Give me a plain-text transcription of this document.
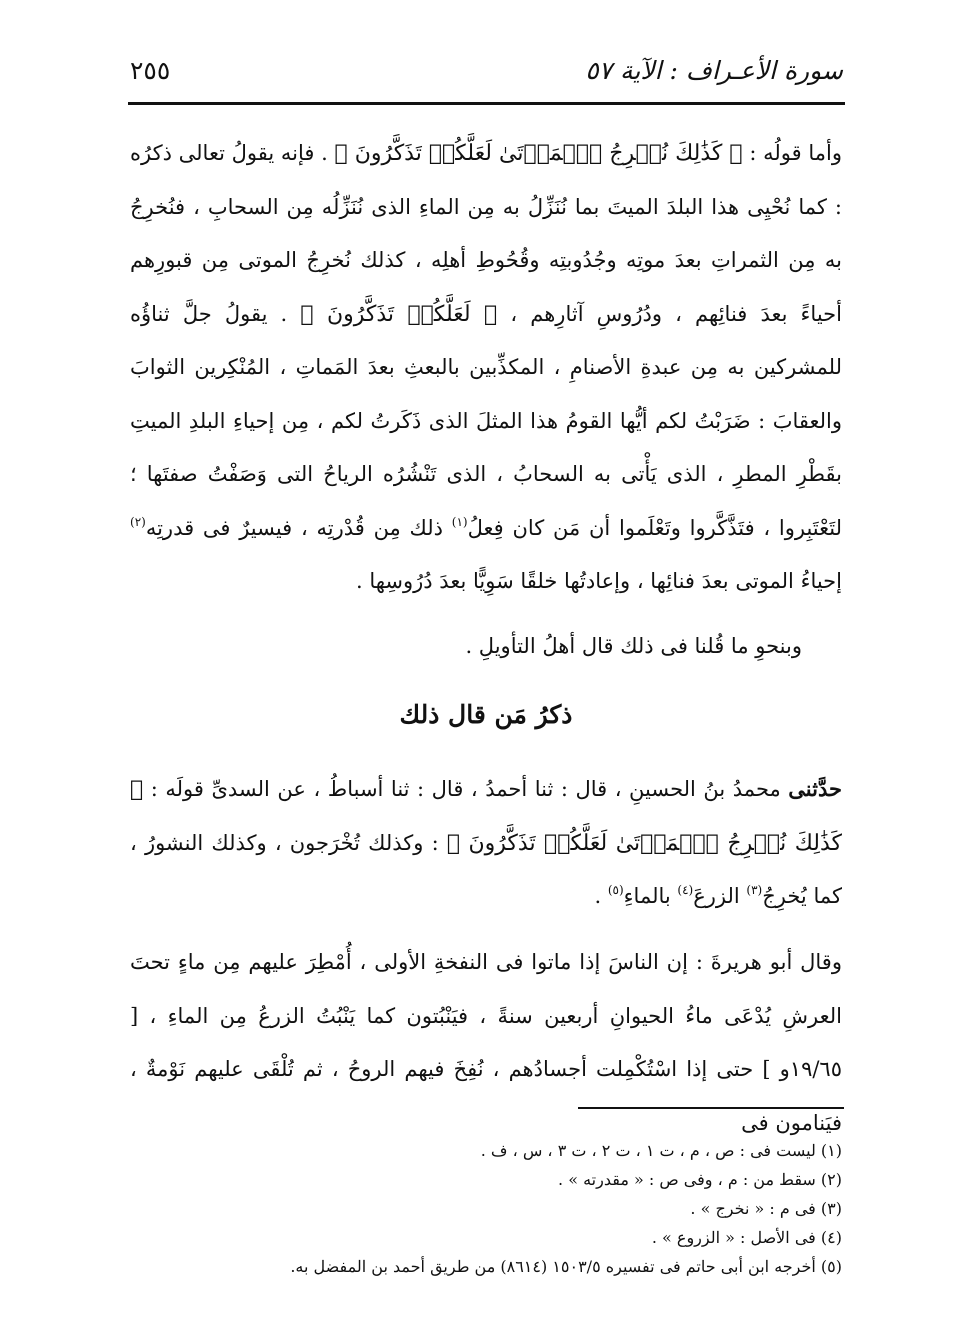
سورة الأعـراف : الآية ٥٧
٢٥٥

وأما قولُه : ﴿ كَذَٰلِكَ نُخۡرِجُ ٱلۡمَوۡتَىٰ لَعَلَّكُمۡ تَذَكَّرُونَ ﴾ . فإنه يقولُ تعالى ذكرُه : كما نُحْيِى هذا البلدَ الميتَ بما نُنَزِّلُ به مِن الماءِ الذى نُنَزِّلُه مِن السحابِ ، فنُخرِجُ به مِن الثمراتِ بعدَ موتِه وجُدُوبتِه وقُحُوطِ أهلِه ، كذلك نُخرِجُ الموتى مِن قبورِهم أحياءً بعدَ فنائِهم ، ودُرُوسِ آثارِهم ، ﴿ لَعَلَّكُمۡ تَذَكَّرُونَ ﴾ . يقولُ جلَّ ثناؤُه للمشركين به مِن عبدةِ الأصنامِ ، المكذِّبين بالبعثِ بعدَ المَماتِ ، المُنْكِرين الثوابَ والعقابَ : ضَرَبْتُ لكم أيُّها القومُ هذا المثلَ الذى ذَكَرتُ لكم ، مِن إحياءِ البلدِ الميتِ بقَطْرِ المطرِ ، الذى يَأْتى به السحابُ ، الذى تَنْشُرُه الرياحُ التى وَصَفْتُ صفتَها ؛ لتَعْتَبِروا ، فتَذَّكَّروا وتَعْلَموا أن مَن كان فِعلُ$^{(١)}$ ذلك مِن قُدْرتِه ، فيسيرٌ فى قدرتِه$^{(٢)}$ إحياءُ الموتى بعدَ فنائِها ، وإعادتُها خلقًا سَوِيًّا بعدَ دُرُوسِها .

وبنحوِ ما قُلنا فى ذلك قال أهلُ التأويلِ .

ذكرُ مَن قال ذلك

حدَّثنى محمدُ بنُ الحسينِ ، قال : ثنا أحمدُ ، قال : ثنا أسباطُ ، عن السدىِّ قولَه : ﴿ كَذَٰلِكَ نُخۡرِجُ ٱلۡمَوۡتَىٰ لَعَلَّكُمۡ تَذَكَّرُونَ ﴾ : وكذلك تُخْرَجون ، وكذلك النشورُ ، كما يُخرِجُ$^{(٣)}$ الزرعَ$^{(٤)}$ بالماءِ$^{(٥)}$ .

وقال أبو هريرةَ : إن الناسَ إذا ماتوا فى النفخةِ الأولى ، أُمْطِرَ عليهم مِن ماءٍ تحتَ العرشِ يُدْعَى ماءُ الحيوانِ أربعين سنةً ، فيَنْبُتون كما يَنْبُتُ الزرعُ مِن الماءِ ، [ ١٩/٦٥و ] حتى إذا اسْتُكْمِلت أجسادُهم ، نُفِخَ فيهم الروحُ ، ثم تُلْقَى عليهم نَوْمةٌ ، فيَنامون فى

(١) ليست فى : ص ، م ، ت ١ ، ت ٢ ، ت ٣ ، س ، ف .
(٢) سقط من : م ، وفى ص : « مقدرته » .
(٣) فى م : « نخرج » .
(٤) فى الأصل : « الزروع » .
(٥) أخرجه ابن أبى حاتم فى تفسيره ١٥٠٣/٥ (٨٦١٤) من طريق أحمد بن المفضل به.
